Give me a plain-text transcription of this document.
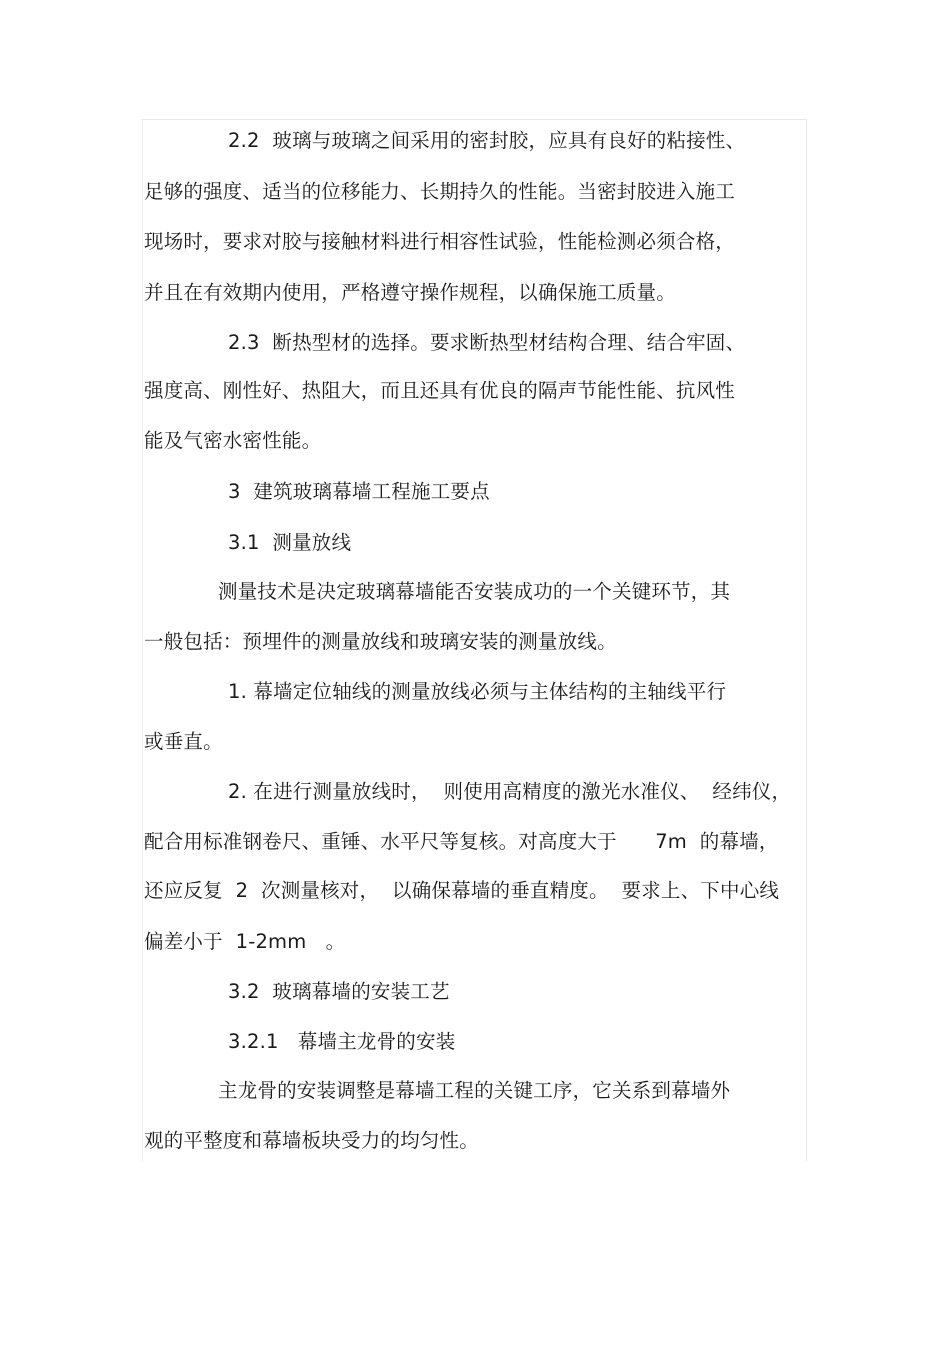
2.2  玻璃与玻璃之间采用的密封胶，应具有良好的粘接性、
足够的强度、适当的位移能力、长期持久的性能。当密封胶进入施工
现场时，要求对胶与接触材料进行相容性试验，性能检测必须合格，
并且在有效期内使用，严格遵守操作规程，以确保施工质量。
2.3  断热型材的选择。要求断热型材结构合理、结合牢固、
强度高、刚性好、热阻大，而且还具有优良的隔声节能性能、抗风性
能及气密水密性能。
3  建筑玻璃幕墙工程施工要点
3.1  测量放线
测量技术是决定玻璃幕墙能否安装成功的一个关键环节，其
一般包括：预埋件的测量放线和玻璃安装的测量放线。
1. 幕墙定位轴线的测量放线必须与主体结构的主轴线平行
或垂直。
2. 在进行测量放线时，  则使用高精度的激光水准仪、  经纬仪，
配合用标准钢卷尺、重锤、水平尺等复核。对高度大于      7m  的幕墙，
还应反复  2  次测量核对，  以确保幕墙的垂直精度。  要求上、下中心线
偏差小于  1-2mm   。
3.2  玻璃幕墙的安装工艺
3.2.1   幕墙主龙骨的安装
主龙骨的安装调整是幕墙工程的关键工序，它关系到幕墙外
观的平整度和幕墙板块受力的均匀性。
